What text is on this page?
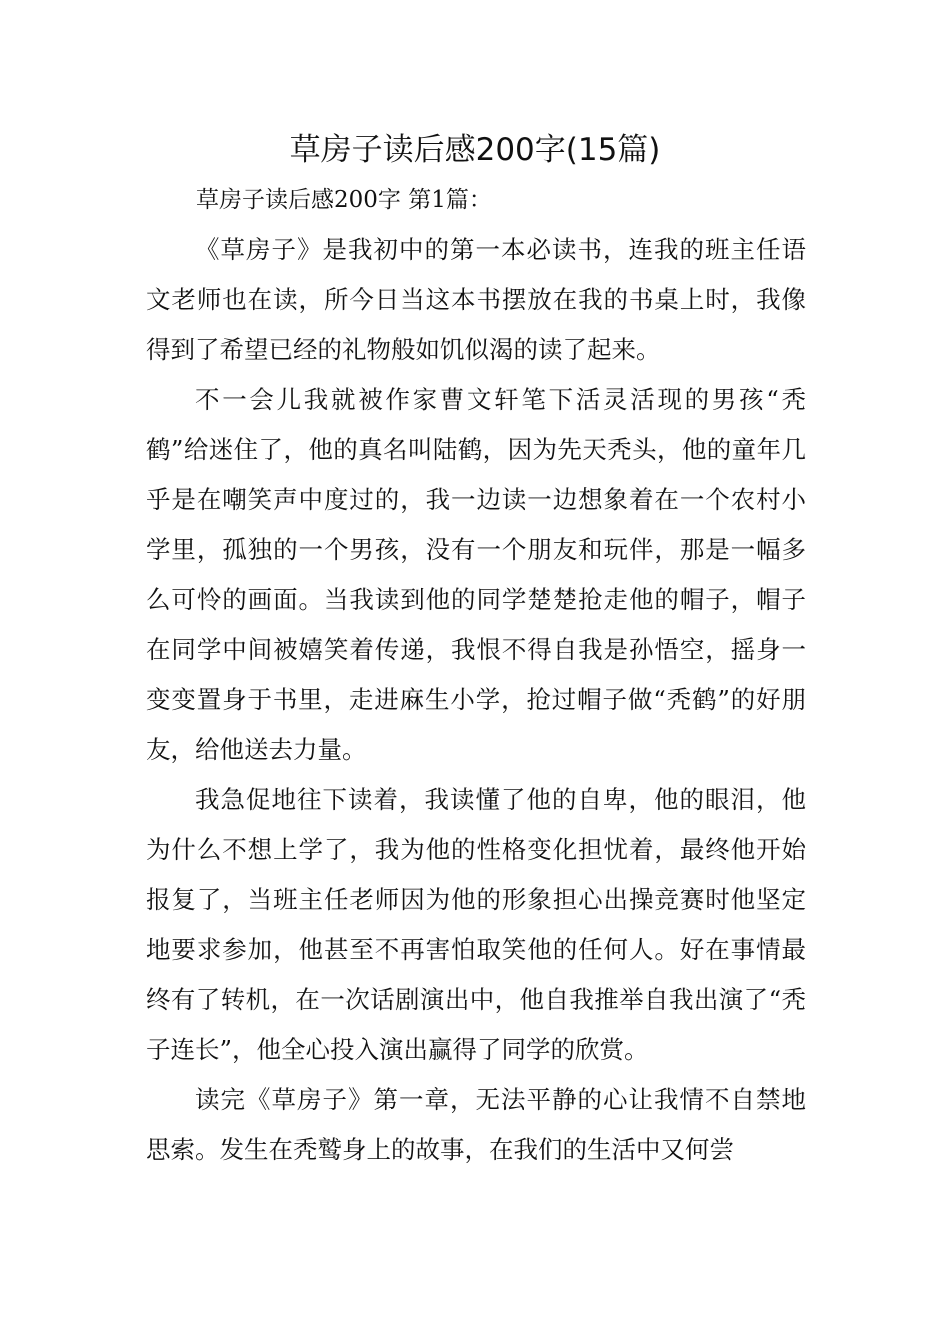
草房子读后感200字(15篇)

草房子读后感200字 第1篇：

《草房子》是我初中的第一本必读书，连我的班主任语文老师也在读，所今日当这本书摆放在我的书桌上时，我像得到了希望已经的礼物般如饥似渴的读了起来。

不一会儿我就被作家曹文轩笔下活灵活现的男孩“秃鹤”给迷住了，他的真名叫陆鹤，因为先天秃头，他的童年几乎是在嘲笑声中度过的，我一边读一边想象着在一个农村小学里，孤独的一个男孩，没有一个朋友和玩伴，那是一幅多么可怜的画面。当我读到他的同学楚楚抢走他的帽子，帽子在同学中间被嬉笑着传递，我恨不得自我是孙悟空，摇身一变变置身于书里，走进麻生小学，抢过帽子做“秃鹤”的好朋友，给他送去力量。

我急促地往下读着，我读懂了他的自卑，他的眼泪，他为什么不想上学了，我为他的性格变化担忧着，最终他开始报复了，当班主任老师因为他的形象担心出操竞赛时他坚定地要求参加，他甚至不再害怕取笑他的任何人。好在事情最终有了转机，在一次话剧演出中，他自我推举自我出演了“秃子连长”，他全心投入演出赢得了同学的欣赏。

读完《草房子》第一章，无法平静的心让我情不自禁地思索。发生在秃鹫身上的故事，在我们的生活中又何尝
